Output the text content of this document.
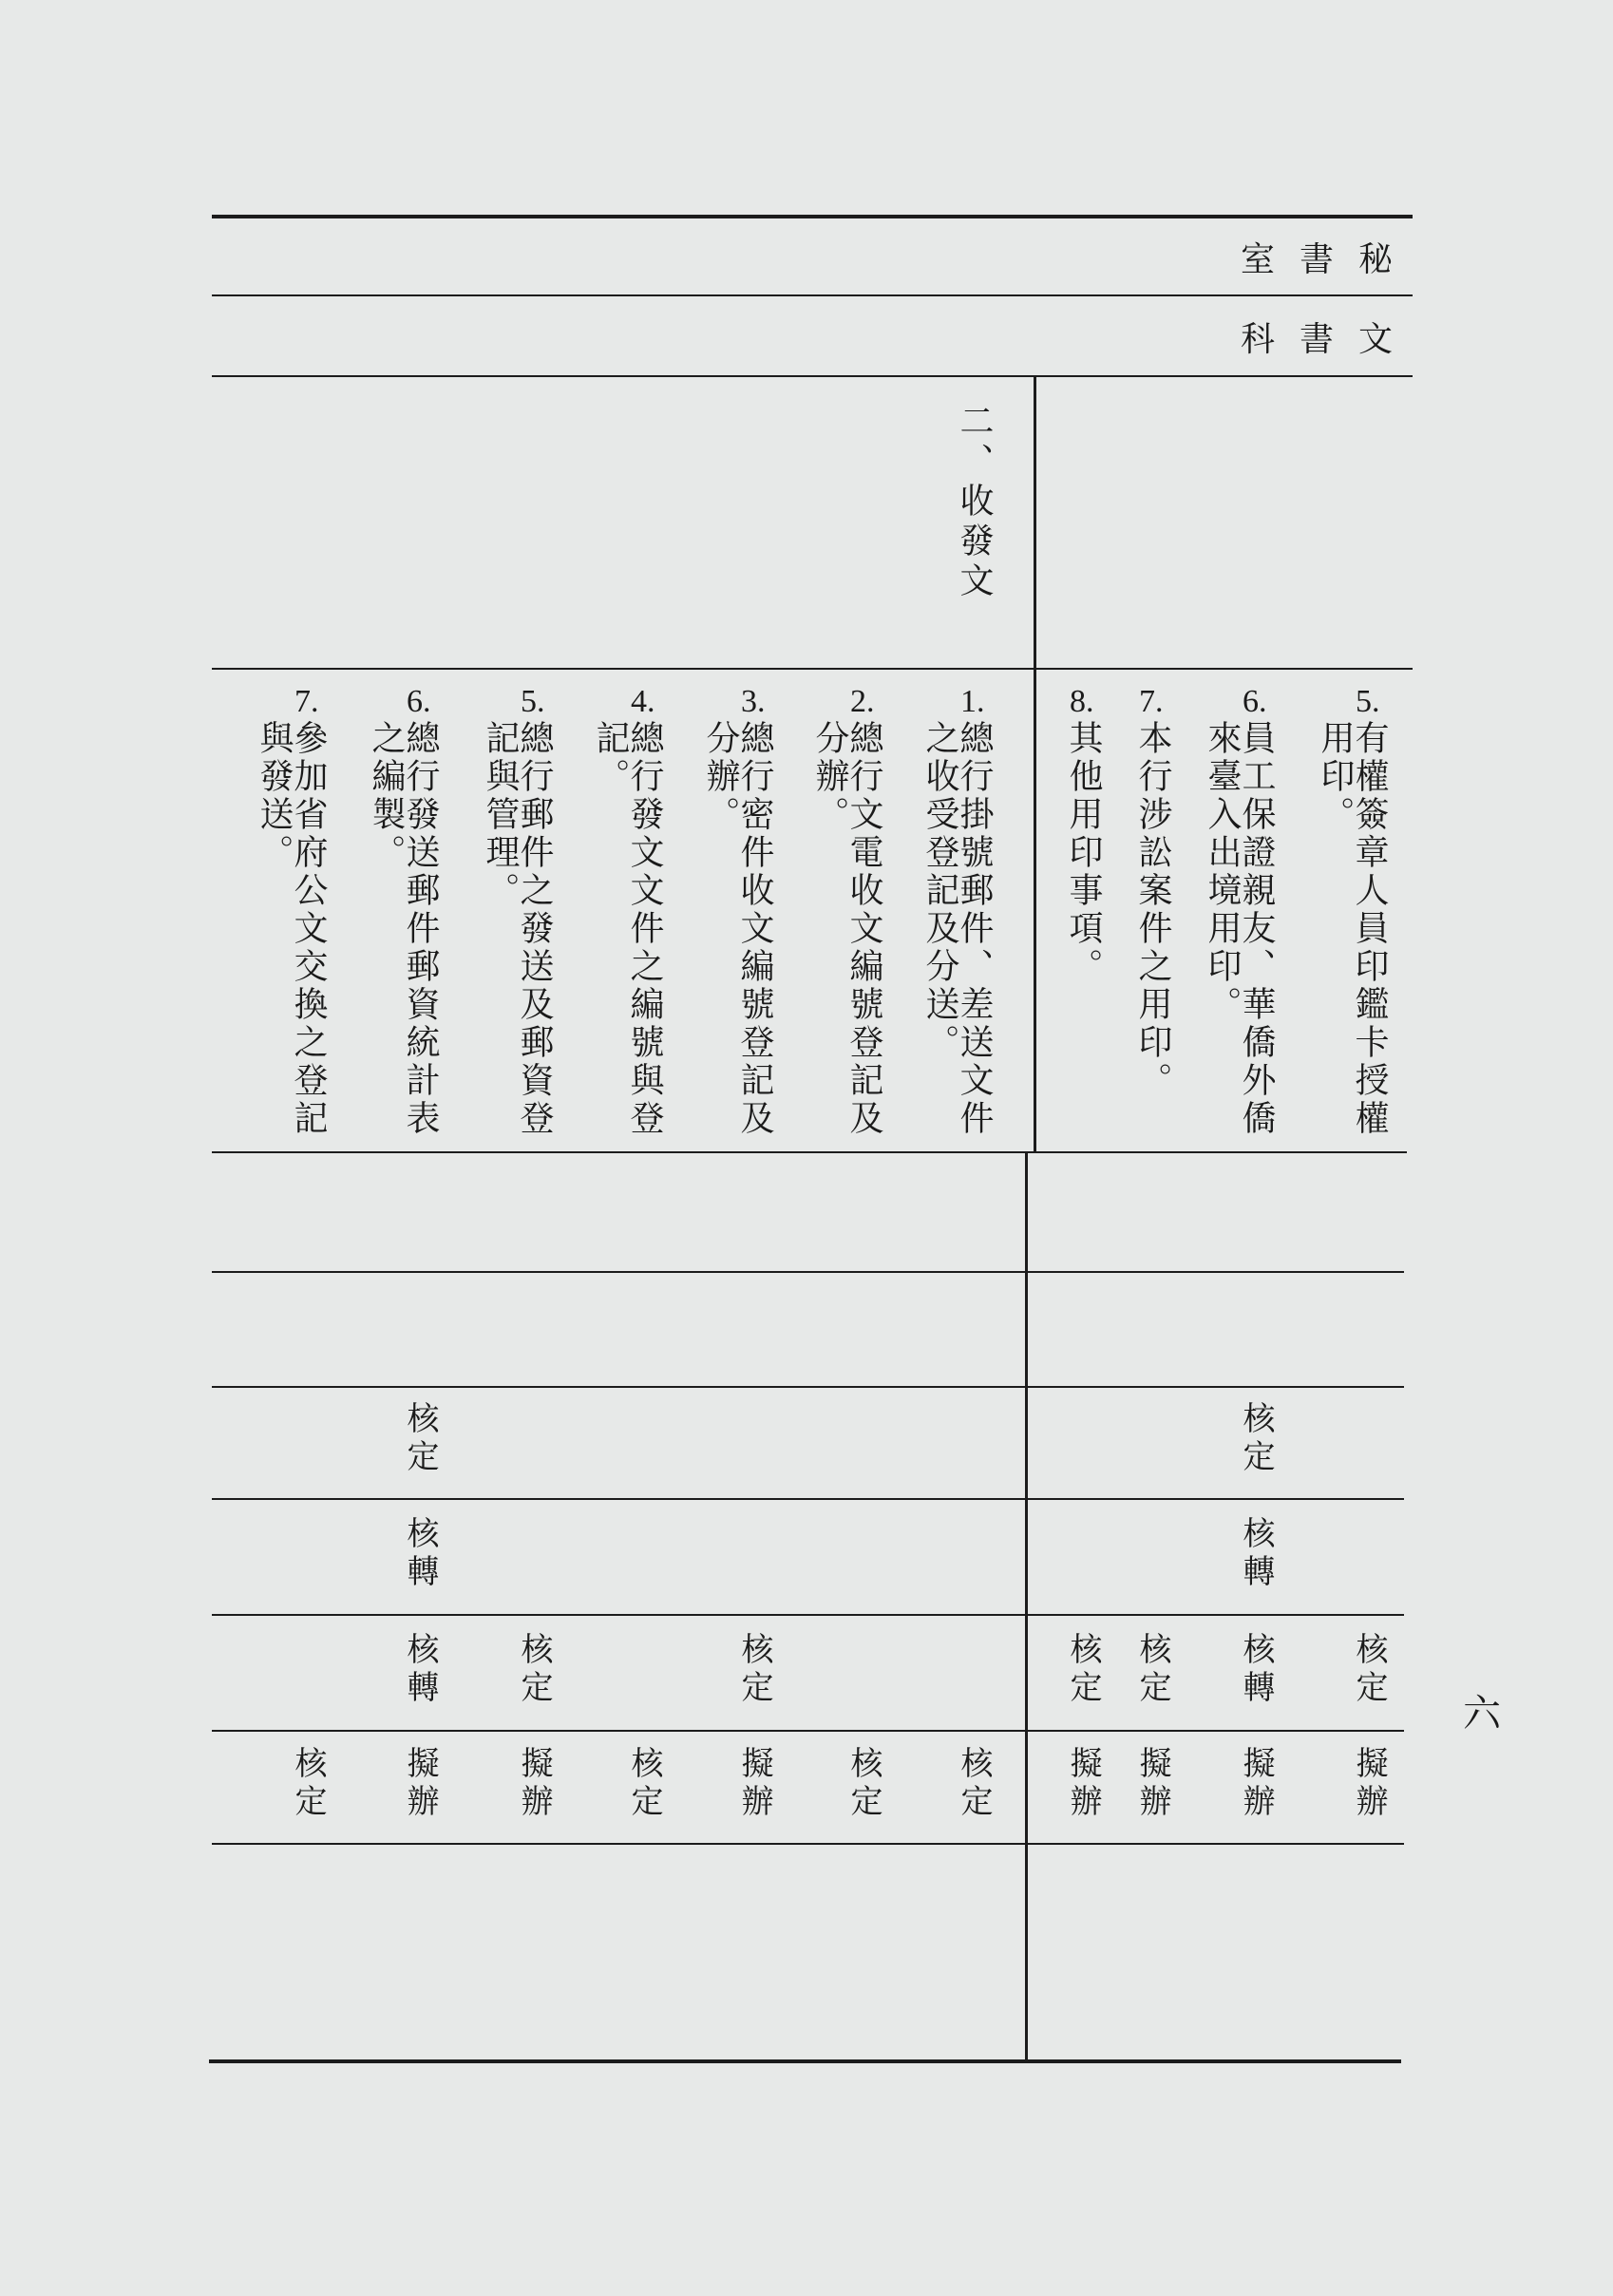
秘書室
文書科
二、收發文
1.
總行掛號郵件、差送文件
之收受登記及分送。
核定
2.
總行文電收文編號登記及
分辦。
核定
3.
總行密件收文編號登記及
分辦。
核定
擬辦
4.
總行發文文件之編號與登
記。
核定
5.
總行郵件之發送及郵資登
記與管理。
核定
擬辦
6.
總行發送郵件郵資統計表
之編製。
核定
核轉
核轉
擬辦
7.
參加省府公文交換之登記
與發送。
核定
5.
有權簽章人員印鑑卡授權
用印。
核定
擬辦
6.
員工保證親友、華僑外僑
來臺入出境用印。
核定
核轉
核轉
擬辦
7.
本行涉訟案件之用印。
核定
擬辦
8.
其他用印事項。
核定
擬辦
六
